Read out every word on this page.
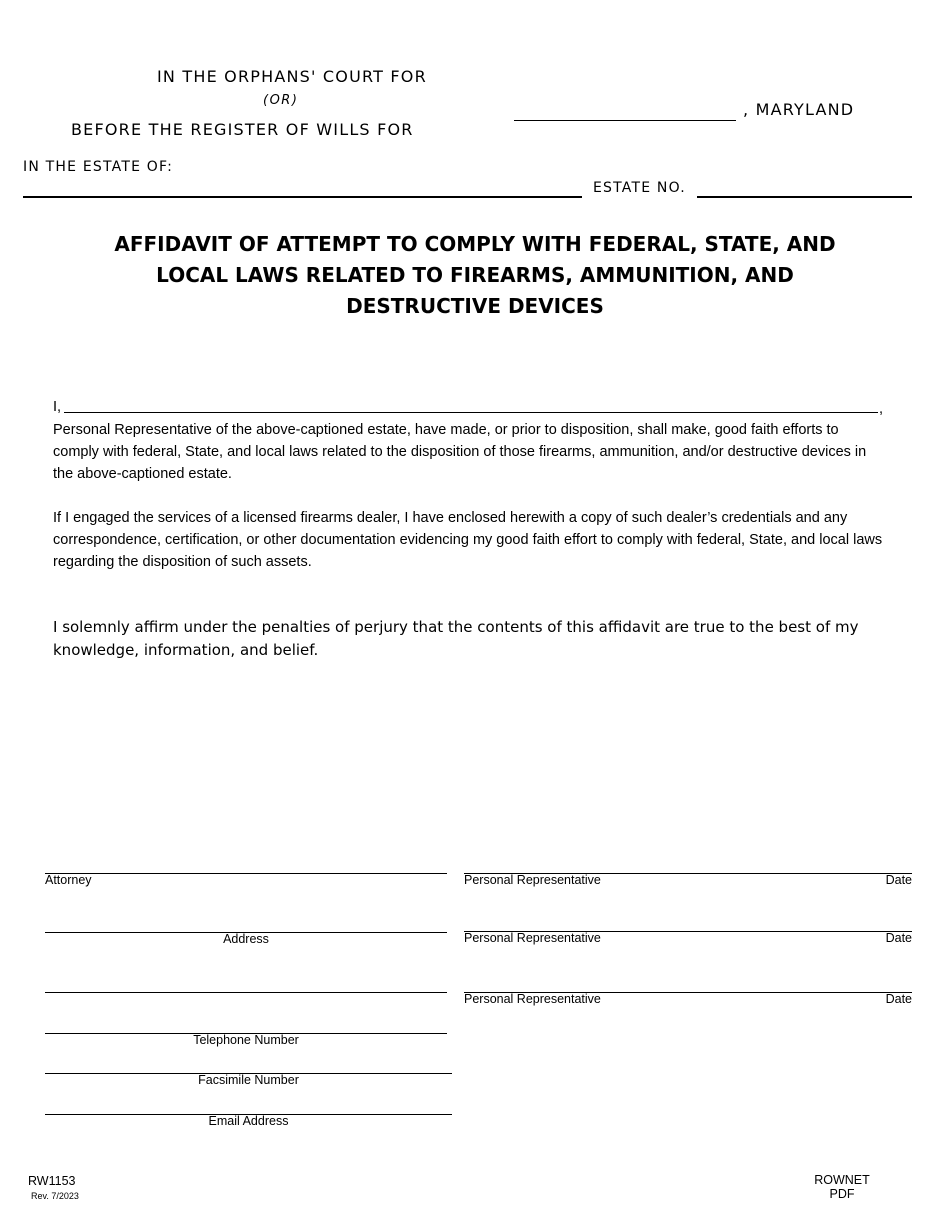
IN THE ORPHANS' COURT FOR
(OR)
BEFORE THE REGISTER OF WILLS FOR
, MARYLAND
IN THE ESTATE OF:
ESTATE NO.
AFFIDAVIT OF ATTEMPT TO COMPLY WITH FEDERAL, STATE, AND
LOCAL LAWS RELATED TO FIREARMS, AMMUNITION, AND
DESTRUCTIVE DEVICES
I,	,
Personal Representative of the above-captioned estate, have made, or prior to disposition, shall make, good faith efforts to comply with federal, State, and local laws related to the disposition of those firearms, ammunition, and/or destructive devices in the above-captioned estate.
If I engaged the services of a licensed firearms dealer, I have enclosed herewith a copy of such dealer’s credentials and any correspondence, certification, or other documentation evidencing my good faith effort to comply with federal, State, and local laws regarding the disposition of such assets.
I solemnly affirm under the penalties of perjury that the contents of this affidavit are true to the best of my knowledge, information, and belief.
Attorney
Address
Telephone Number
Facsimile Number
Email Address
Personal Representative	Date
Personal Representative	Date
Personal Representative	Date
RW1153
Rev. 7/2023
ROWNET
PDF
